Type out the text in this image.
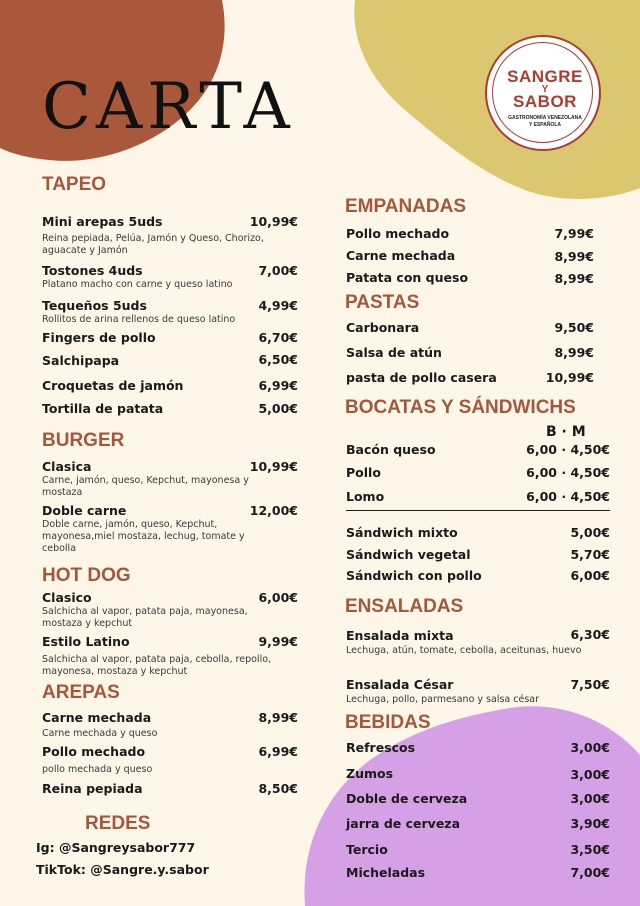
CARTA	SANGRE
Y
SABOR
GASTRONOMÍA VENEZOLANA
Y ESPAÑOLA
TAPEO
Mini arepas 5uds	10,99€
Reina pepiada, Pelúa, Jamón y Queso, Chorizo, aguacate y Jamón
Tostones 4uds	7,00€
Platano macho con carne y queso latino
Tequeños 5uds	4,99€
Rollitos de arina rellenos de queso latino
Fingers de pollo	6,70€
Salchipapa	6,50€
Croquetas de jamón	6,99€
Tortilla de patata	5,00€
BURGER
Clasica	10,99€
Carne, jamón, queso, Kepchut, mayonesa y mostaza
Doble carne	12,00€
Doble carne, jamón, queso, Kepchut, mayonesa,miel mostaza, lechug, tomate y cebolla
HOT DOG
Clasico	6,00€
Salchicha al vapor, patata paja, mayonesa, mostaza y kepchut
Estilo Latino	9,99€
Salchicha al vapor, patata paja, cebolla, repollo, mayonesa, mostaza y kepchut
AREPAS
Carne mechada	8,99€
Carne mechada y queso
Pollo mechado	6,99€
pollo mechada y queso
Reina pepiada	8,50€
REDES
Ig: @Sangreysabor777
TikTok: @Sangre.y.sabor
EMPANADAS
Pollo mechado	7,99€
Carne mechada	8,99€
Patata con queso	8,99€
PASTAS
Carbonara	9,50€
Salsa de atún	8,99€
pasta de pollo casera	10,99€
BOCATAS Y SÁNDWICHS
B · M
Bacón queso	6,00 · 4,50€
Pollo	6,00 · 4,50€
Lomo	6,00 · 4,50€
Sándwich mixto	5,00€
Sándwich vegetal	5,70€
Sándwich con pollo	6,00€
ENSALADAS
Ensalada mixta	6,30€
Lechuga, atún, tomate, cebolla, aceitunas, huevo
Ensalada César	7,50€
Lechuga, pollo, parmesano y salsa césar
BEBIDAS
Refrescos	3,00€
Zumos	3,00€
Doble de cerveza	3,00€
jarra de cerveza	3,90€
Tercio	3,50€
Micheladas	7,00€
